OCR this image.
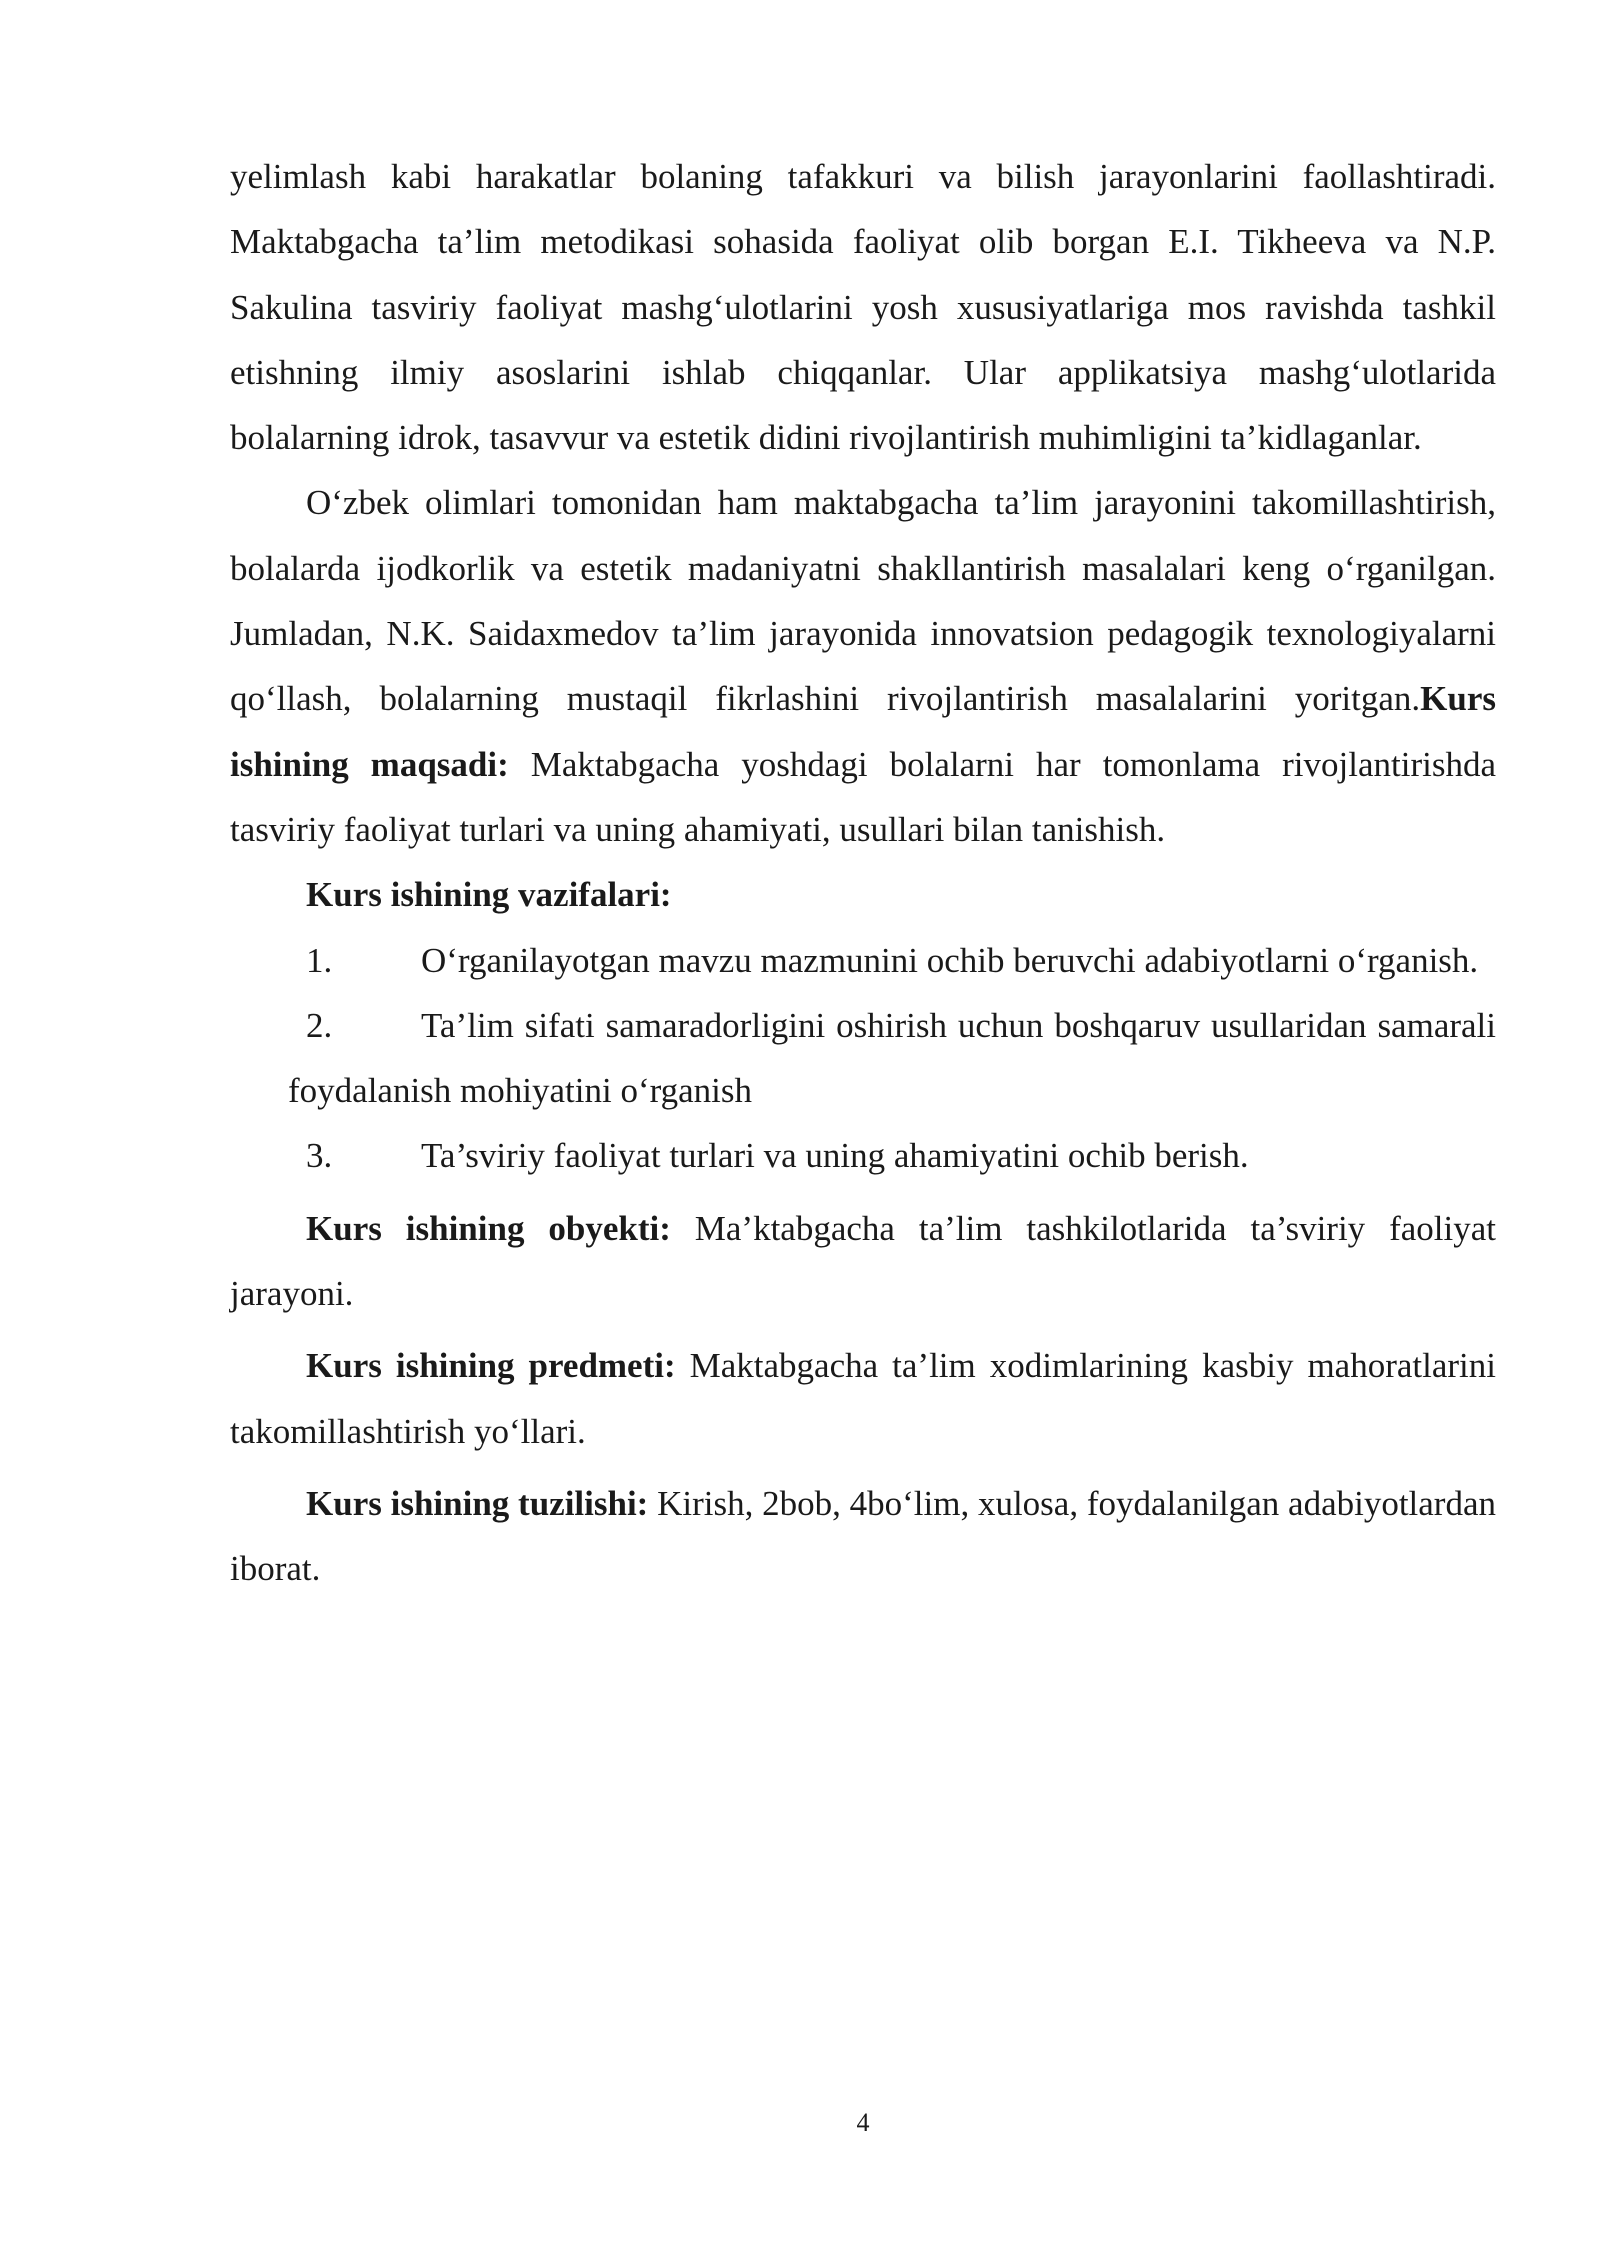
yelimlash kabi harakatlar bolaning tafakkuri va bilish jarayonlarini faollashtiradi. Maktabgacha ta’lim metodikasi sohasida faoliyat olib borgan E.I. Tikheeva va N.P. Sakulina tasviriy faoliyat mashg‘ulotlarini yosh xususiyatlariga mos ravishda tashkil etishning ilmiy asoslarini ishlab chiqqanlar. Ular applikatsiya mashg‘ulotlarida bolalarning idrok, tasavvur va estetik didini rivojlantirish muhimligini ta’kidlaganlar.

O‘zbek olimlari tomonidan ham maktabgacha ta’lim jarayonini takomillashtirish, bolalarda ijodkorlik va estetik madaniyatni shakllantirish masalalari keng o‘rganilgan. Jumladan, N.K. Saidaxmedov ta’lim jarayonida innovatsion pedagogik texnologiyalarni qo‘llash, bolalarning mustaqil fikrlashini rivojlantirish masalalarini yoritgan.Kurs ishining maqsadi: Maktabgacha yoshdagi bolalarni har tomonlama rivojlantirishda tasviriy faoliyat turlari va uning ahamiyati, usullari bilan tanishish.

Kurs ishining vazifalari:

1.	O‘rganilayotgan mavzu mazmunini ochib beruvchi adabiyotlarni o‘rganish.

2.	Ta’lim sifati samaradorligini oshirish uchun boshqaruv usullaridan samaralifoydalanish mohiyatini o‘rganish

3.	Ta’sviriy faoliyat turlari va uning ahamiyatini ochib berish.

Kurs ishining obyekti: Ma’ktabgacha ta’lim tashkilotlarida ta’sviriy faoliyat jarayoni.

Kurs ishining predmeti: Maktabgacha ta’lim xodimlarining kasbiy mahoratlarini takomillashtirish yo‘llari.

Kurs ishining tuzilishi: Kirish, 2bob, 4bo‘lim, xulosa, foydalanilgan adabiyotlardan iborat.

4
